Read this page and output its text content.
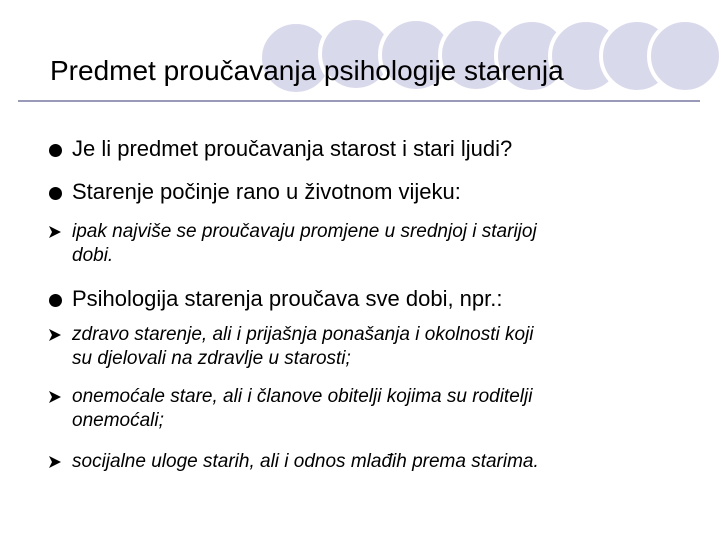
Predmet proučavanja psihologije starenja
Je li predmet proučavanja starost i stari ljudi?
Starenje počinje rano u životnom vijeku:
ipak najviše se proučavaju promjene u srednjoj i starijoj
dobi.
Psihologija starenja proučava sve dobi, npr.:
zdravo starenje, ali i prijašnja ponašanja i okolnosti koji
su djelovali na zdravlje u starosti;
onemoćale stare, ali i članove obitelji kojima su roditelji
onemoćali;
socijalne uloge starih, ali i odnos mlađih prema starima.
